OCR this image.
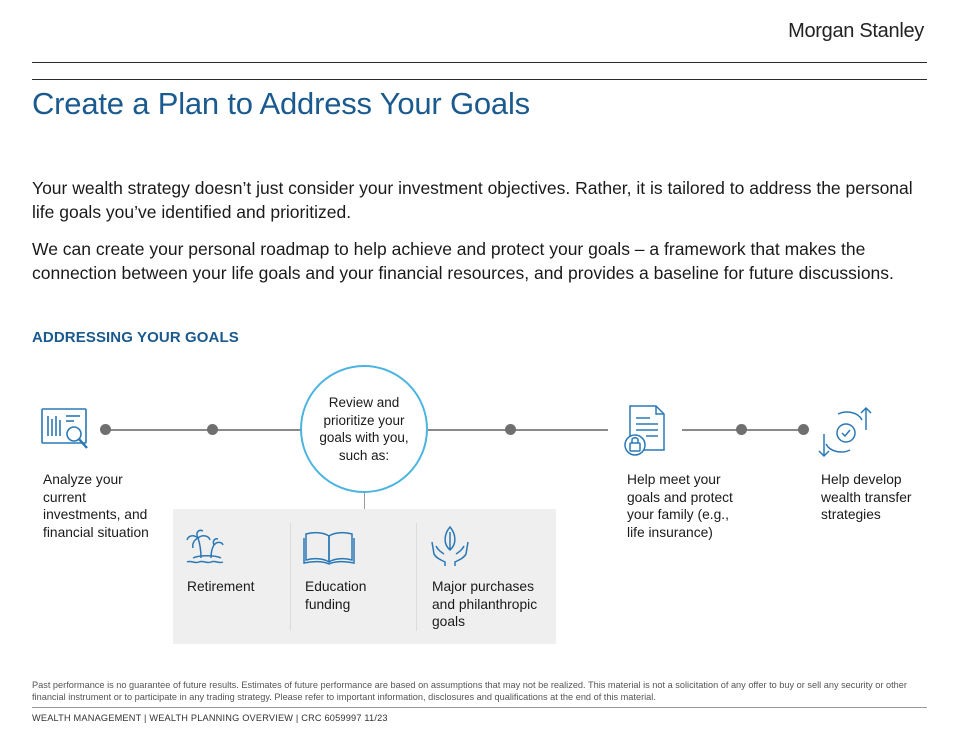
Morgan Stanley
Create a Plan to Address Your Goals

Your wealth strategy doesn’t just consider your investment objectives. Rather, it is tailored to address the personal life goals you’ve identified and prioritized.

We can create your personal roadmap to help achieve and protect your goals – a framework that makes the connection between your life goals and your financial resources, and provides a baseline for future discussions.

ADDRESSING YOUR GOALS
Analyze your current investments, and financial situation
Review and prioritize your goals with you, such as:
Retirement	Education funding
Major purchases and philanthropic goals
Help meet your goals and protect your family (e.g., life insurance)
Help develop wealth transfer strategies
Past performance is no guarantee of future results. Estimates of future performance are based on assumptions that may not be realized. This material is not a solicitation of any offer to buy or sell any security or other financial instrument or to participate in any trading strategy. Please refer to important information, disclosures and qualifications at the end of this material.
WEALTH MANAGEMENT | WEALTH PLANNING OVERVIEW | CRC 6059997 11/23
